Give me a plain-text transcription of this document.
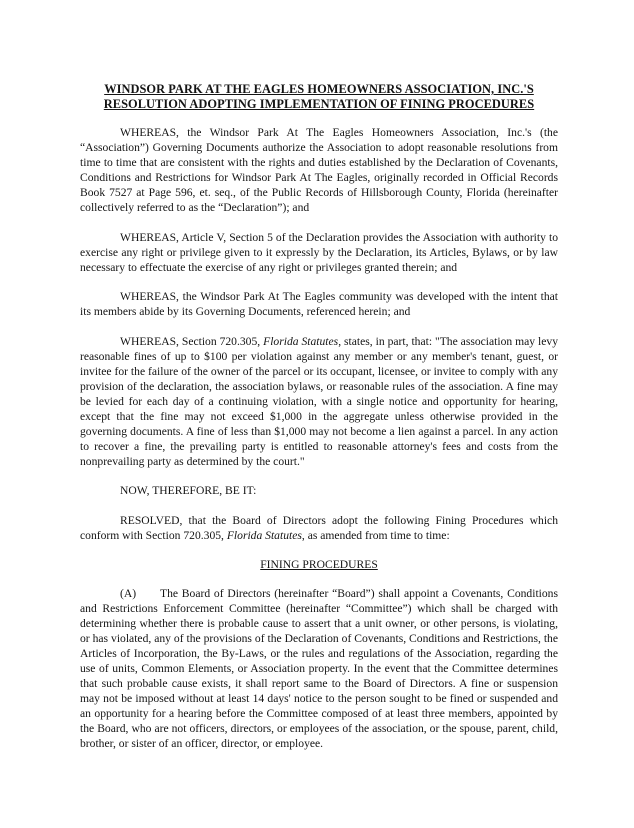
WINDSOR PARK AT THE EAGLES HOMEOWNERS ASSOCIATION, INC.'S
RESOLUTION ADOPTING IMPLEMENTATION OF FINING PROCEDURES

WHEREAS, the Windsor Park At The Eagles Homeowners Association, Inc.'s (the “Association”) Governing Documents authorize the Association to adopt reasonable resolutions from time to time that are consistent with the rights and duties established by the Declaration of Covenants, Conditions and Restrictions for Windsor Park At The Eagles, originally recorded in Official Records Book 7527 at Page 596, et. seq., of the Public Records of Hillsborough County, Florida (hereinafter collectively referred to as the “Declaration”); and

WHEREAS, Article V, Section 5 of the Declaration provides the Association with authority to exercise any right or privilege given to it expressly by the Declaration, its Articles, Bylaws, or by law necessary to effectuate the exercise of any right or privileges granted therein; and

WHEREAS, the Windsor Park At The Eagles community was developed with the intent that its members abide by its Governing Documents, referenced herein; and

WHEREAS, Section 720.305, Florida Statutes, states, in part, that: "The association may levy reasonable fines of up to $100 per violation against any member or any member's tenant, guest, or invitee for the failure of the owner of the parcel or its occupant, licensee, or invitee to comply with any provision of the declaration, the association bylaws, or reasonable rules of the association. A fine may be levied for each day of a continuing violation, with a single notice and opportunity for hearing, except that the fine may not exceed $1,000 in the aggregate unless otherwise provided in the governing documents. A fine of less than $1,000 may not become a lien against a parcel. In any action to recover a fine, the prevailing party is entitled to reasonable attorney's fees and costs from the nonprevailing party as determined by the court."

NOW, THEREFORE, BE IT:

RESOLVED, that the Board of Directors adopt the following Fining Procedures which conform with Section 720.305, Florida Statutes, as amended from time to time:

FINING PROCEDURES

(A) The Board of Directors (hereinafter “Board”) shall appoint a Covenants, Conditions and Restrictions Enforcement Committee (hereinafter “Committee”) which shall be charged with determining whether there is probable cause to assert that a unit owner, or other persons, is violating, or has violated, any of the provisions of the Declaration of Covenants, Conditions and Restrictions, the Articles of Incorporation, the By-Laws, or the rules and regulations of the Association, regarding the use of units, Common Elements, or Association property. In the event that the Committee determines that such probable cause exists, it shall report same to the Board of Directors. A fine or suspension may not be imposed without at least 14 days' notice to the person sought to be fined or suspended and an opportunity for a hearing before the Committee composed of at least three members, appointed by the Board, who are not officers, directors, or employees of the association, or the spouse, parent, child, brother, or sister of an officer, director, or employee.
